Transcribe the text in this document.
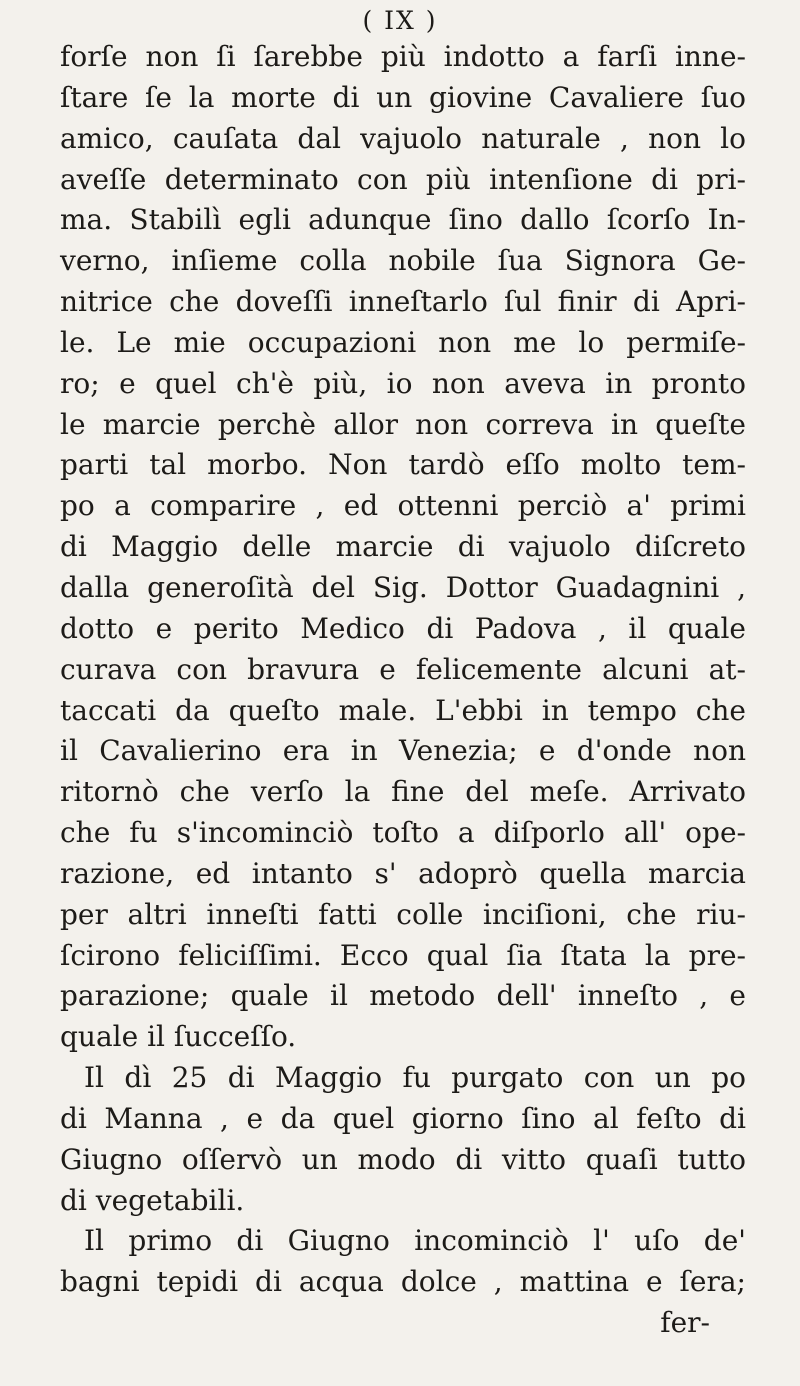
( IX )
forſe non ſi ſarebbe più indotto a farſi inne-
ſtare ſe la morte di un giovine Cavaliere ſuo
amico, cauſata dal vajuolo naturale , non lo
aveſſe determinato con più intenſione di pri-
ma. Stabilì egli adunque ſino dallo ſcorſo In-
verno, inſieme colla nobile ſua Signora Ge-
nitrice che doveſſi inneſtarlo ſul finir di Apri-
le. Le mie occupazioni non me lo permiſe-
ro; e quel ch'è più, io non aveva in pronto
le marcie perchè allor non correva in queſte
parti tal morbo. Non tardò eſſo molto tem-
po a comparire , ed ottenni perciò a' primi
di Maggio delle marcie di vajuolo diſcreto
dalla generoſità del Sig. Dottor Guadagnini ,
dotto e perito Medico di Padova , il quale
curava con bravura e felicemente alcuni at-
taccati da queſto male. L'ebbi in tempo che
il Cavalierino era in Venezia; e d'onde non
ritornò che verſo la fine del meſe. Arrivato
che fu s'incominciò toſto a diſporlo all' ope-
razione, ed intanto s' adoprò quella marcia
per altri inneſti fatti colle inciſioni, che riu-
ſcirono feliciſſimi. Ecco qual ſia ſtata la pre-
parazione; quale il metodo dell' inneſto , e
quale il ſucceſſo.
Il dì 25 di Maggio fu purgato con un po
di Manna , e da quel giorno ſino al feſto di
Giugno oſſervò un modo di vitto quaſi tutto
di vegetabili.
Il primo di Giugno incominciò l' uſo de'
bagni tepidi di acqua dolce , mattina e ſera;
fer-
